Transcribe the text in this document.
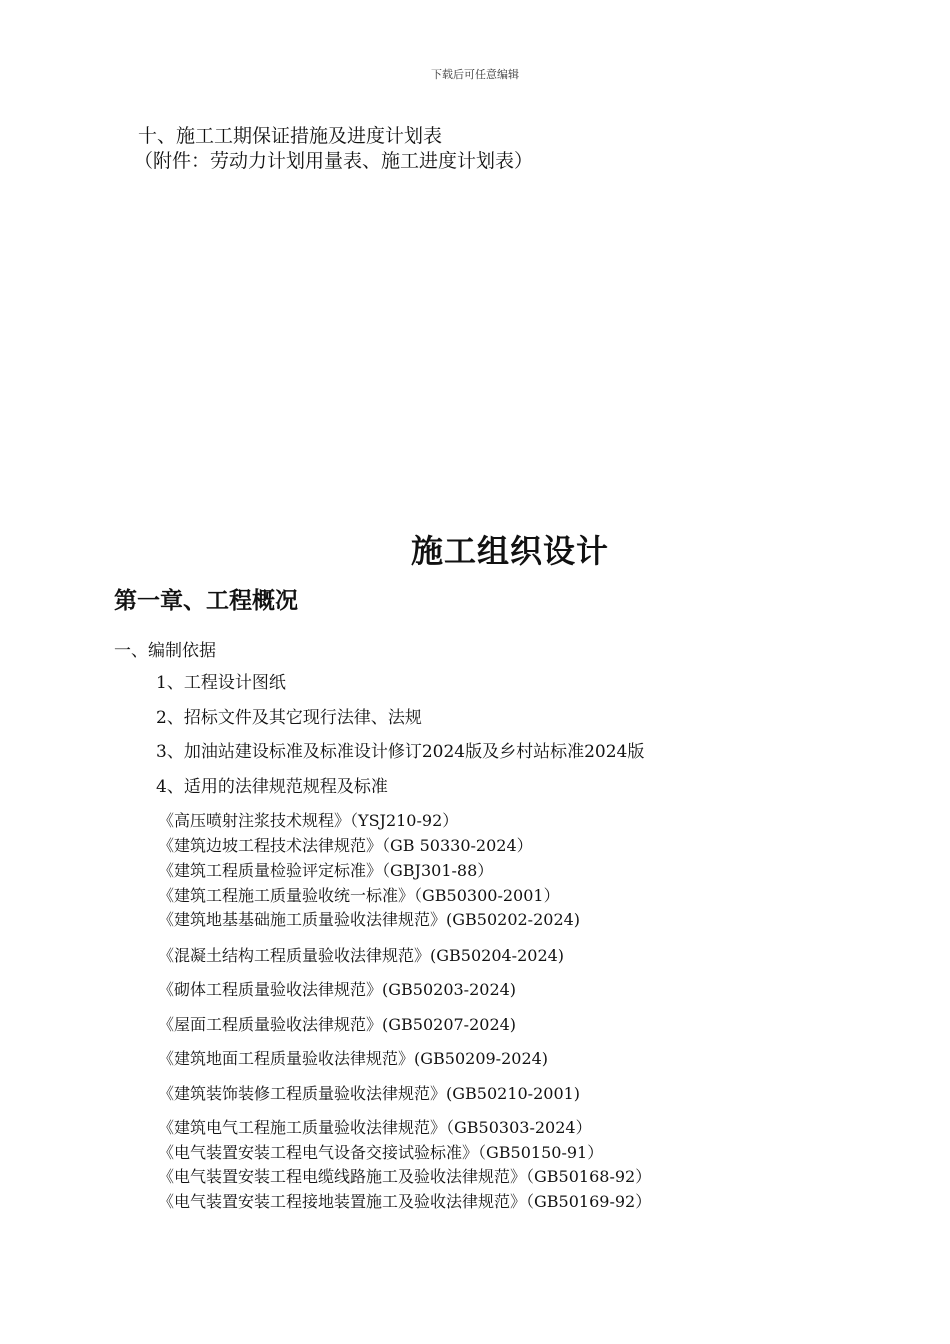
下载后可任意编辑
十、施工工期保证措施及进度计划表
（附件：劳动力计划用量表、施工进度计划表）
施工组织设计
第一章、工程概况
一、编制依据
1、工程设计图纸
2、招标文件及其它现行法律、法规
3、加油站建设标准及标准设计修订2024版及乡村站标准2024版
4、适用的法律规范规程及标准
《高压喷射注浆技术规程》（YSJ210-92）
《建筑边坡工程技术法律规范》（GB 50330-2024）
《建筑工程质量检验评定标准》（GBJ301-88）
《建筑工程施工质量验收统一标准》（GB50300-2001）
《建筑地基基础施工质量验收法律规范》(GB50202-2024)
《混凝土结构工程质量验收法律规范》(GB50204-2024)
《砌体工程质量验收法律规范》(GB50203-2024)
《屋面工程质量验收法律规范》(GB50207-2024)
《建筑地面工程质量验收法律规范》(GB50209-2024)
《建筑装饰装修工程质量验收法律规范》(GB50210-2001)
《建筑电气工程施工质量验收法律规范》（GB50303-2024）
《电气装置安装工程电气设备交接试验标准》（GB50150-91）
《电气装置安装工程电缆线路施工及验收法律规范》（GB50168-92）
《电气装置安装工程接地装置施工及验收法律规范》（GB50169-92）
